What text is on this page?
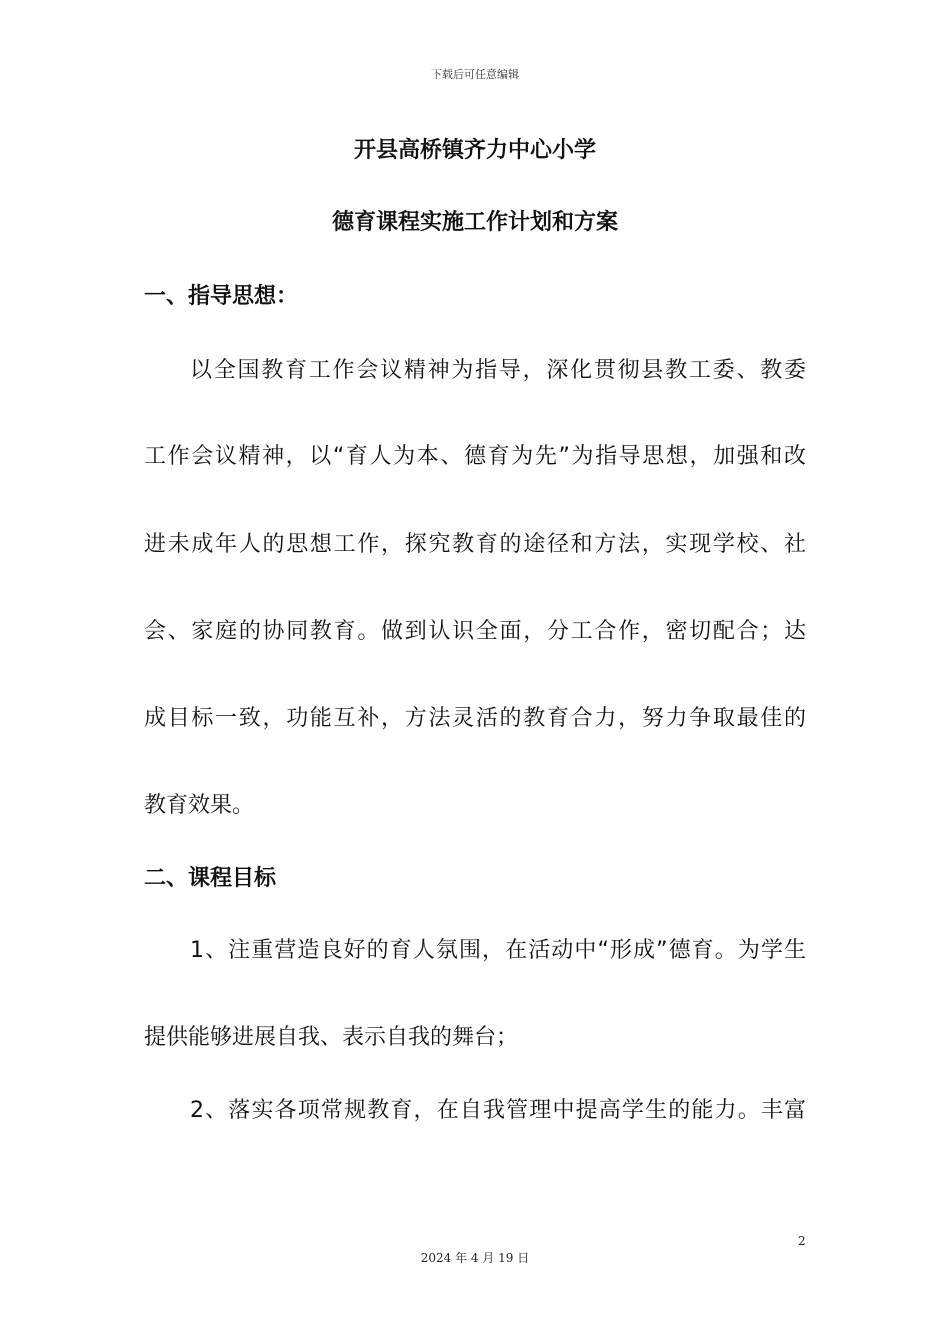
下载后可任意编辑
开县高桥镇齐力中心小学
德育课程实施工作计划和方案
一、指导思想：
以全国教育工作会议精神为指导，深化贯彻县教工委、教委
工作会议精神，以“育人为本、德育为先”为指导思想，加强和改
进未成年人的思想工作，探究教育的途径和方法，实现学校、社
会、家庭的协同教育。做到认识全面，分工合作，密切配合；达
成目标一致，功能互补，方法灵活的教育合力，努力争取最佳的
教育效果。
二、课程目标
1、注重营造良好的育人氛围，在活动中“形成”德育。为学生
提供能够进展自我、表示自我的舞台；
2、落实各项常规教育，在自我管理中提高学生的能力。丰富
2
2024 年 4 月 19 日
